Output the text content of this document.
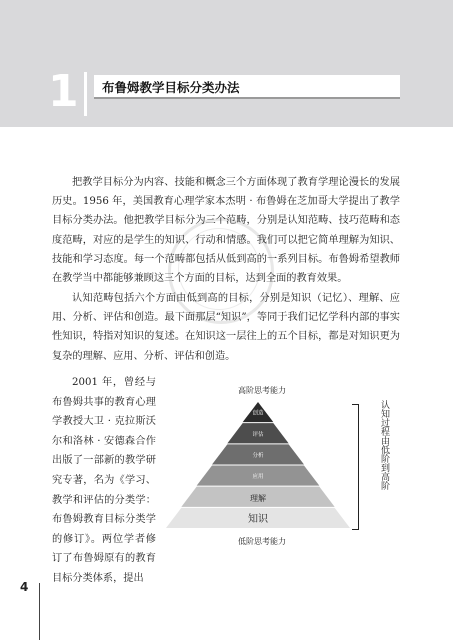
1 布鲁姆教学目标分类办法

把教学目标分为内容、技能和概念三个方面体现了教育学理论漫长的发展历史。1956 年，美国教育心理学家本杰明 · 布鲁姆在芝加哥大学提出了教学目标分类办法。他把教学目标分为三个范畴，分别是认知范畴、技巧范畴和态度范畴，对应的是学生的知识、行动和情感。我们可以把它简单理解为知识、技能和学习态度。每一个范畴都包括从低到高的一系列目标。布鲁姆希望教师在教学当中都能够兼顾这三个方面的目标，达到全面的教育效果。

认知范畴包括六个方面由低到高的目标，分别是知识（记忆）、理解、应用、分析、评估和创造。最下面那层“知识”，等同于我们记忆学科内部的事实性知识，特指对知识的复述。在知识这一层往上的五个目标，都是对知识更为复杂的理解、应用、分析、评估和创造。

2001 年，曾经与布鲁姆共事的教育心理学教授大卫 · 克拉斯沃尔和洛林 · 安德森合作出版了一部新的教学研究专著，名为《学习、教学和评估的分类学：布鲁姆教育目标分类学的修订》。两位学者修订了布鲁姆原有的教育目标分类体系，提出

高阶思考能力
创造
评估
分析
应用
理解
知识
认知过程由低阶到高阶
低阶思考能力
4
